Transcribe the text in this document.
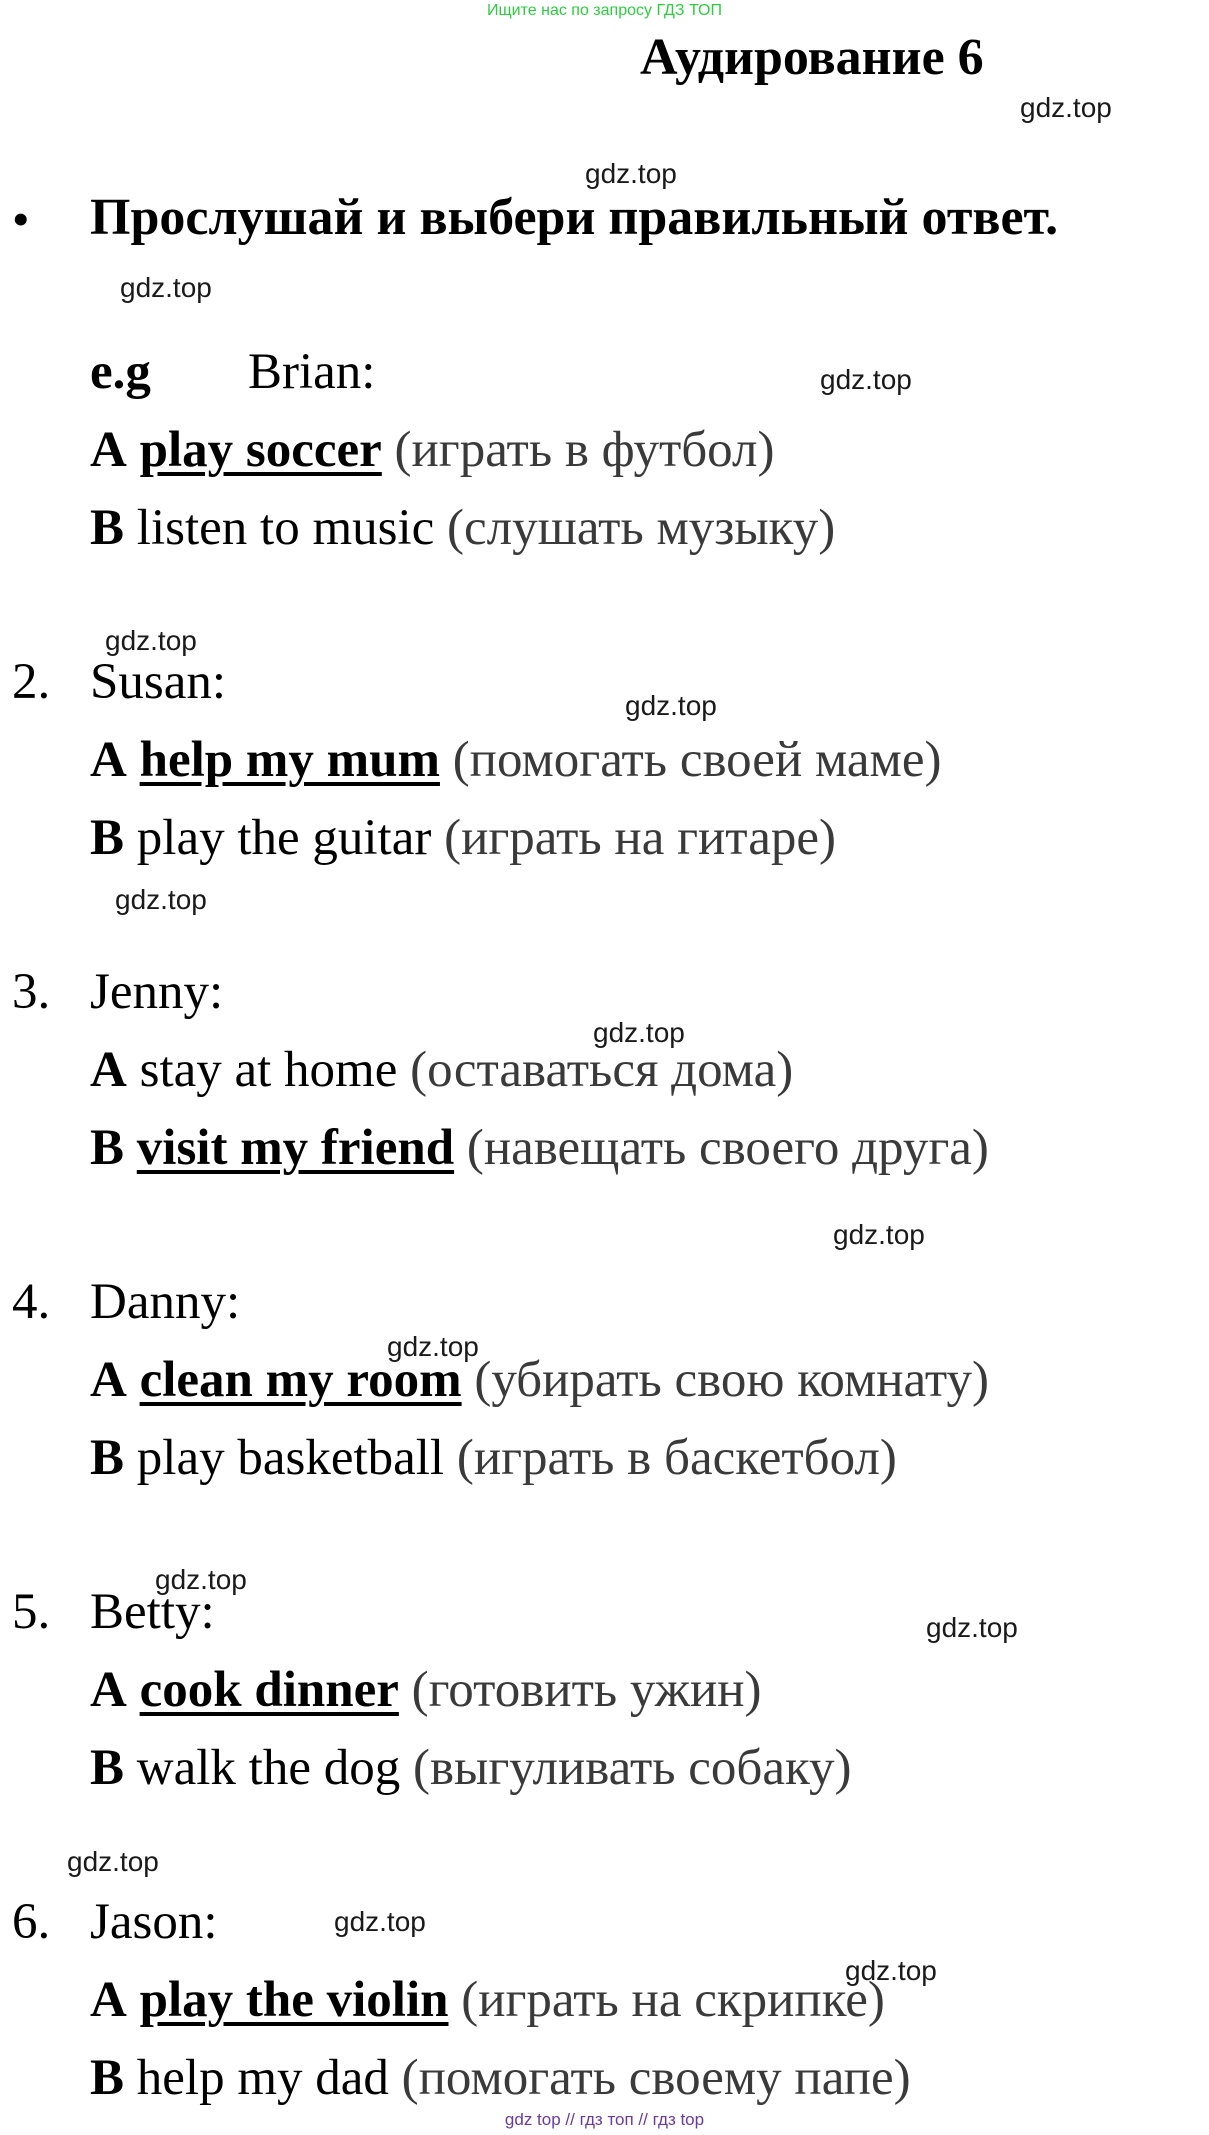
Ищите нас по запросу ГДЗ ТОП
Аудирование 6
gdz.top
gdz.top
gdz.top
gdz.top
gdz.top
gdz.top
gdz.top
gdz.top
gdz.top
gdz.top
gdz.top
gdz.top
gdz.top
gdz.top
gdz.top
• Прослушай и выбери правильный ответ.
e.g Brian:
A play soccer (играть в футбол)
B listen to music (слушать музыку)
2. Susan:
A help my mum (помогать своей маме)
B play the guitar (играть на гитаре)
3. Jenny:
A stay at home (оставаться дома)
B visit my friend (навещать своего друга)
4. Danny:
A clean my room (убирать свою комнату)
B play basketball (играть в баскетбол)
5. Betty:
A cook dinner (готовить ужин)
B walk the dog (выгуливать собаку)
6. Jason:
A play the violin (играть на скрипке)
B help my dad (помогать своему папе)
gdz top // гдз топ // гдз top
